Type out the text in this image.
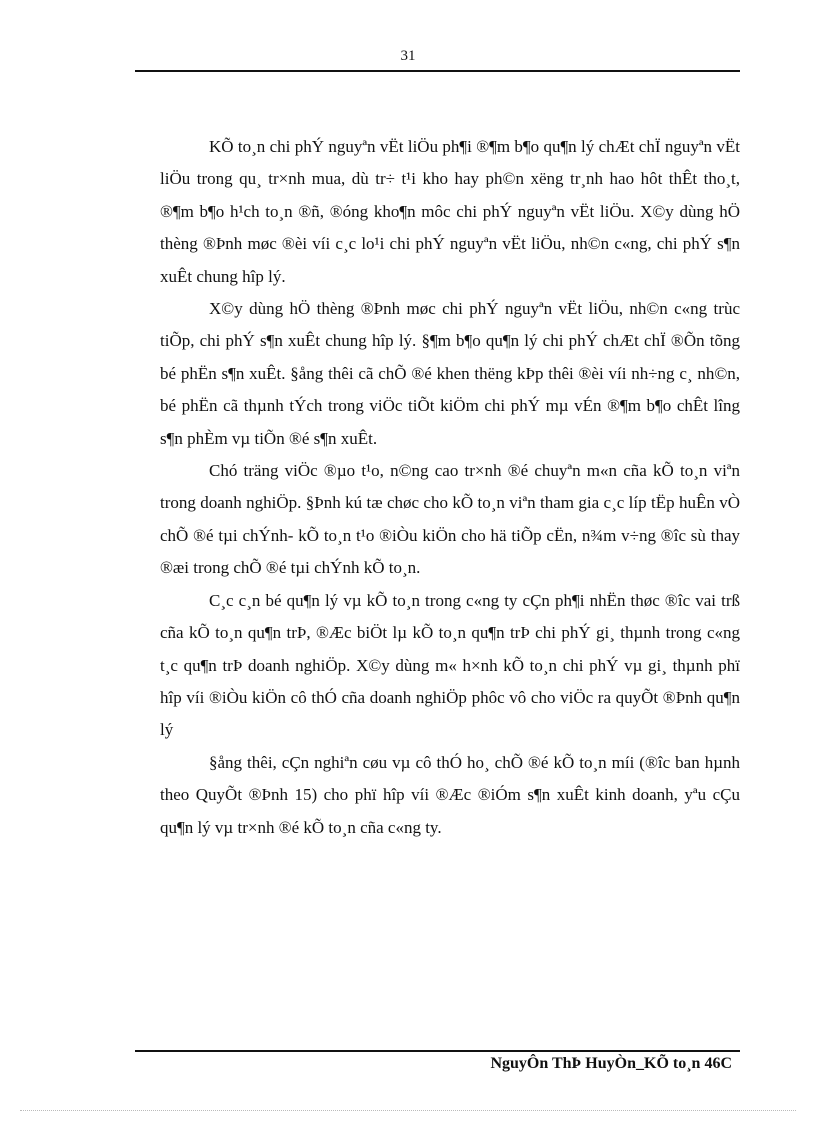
31

KÕ to¸n chi phÝ nguyªn vËt liÖu ph¶i ®¶m b¶o qu¶n lý chÆt chÏ nguyªn vËt liÖu trong qu¸ tr×nh mua, dù tr÷ t¹i kho hay ph©n xëng tr¸nh hao hôt thÊt tho¸t, ®¶m b¶o h¹ch to¸n ®ñ, ®óng kho¶n môc chi phÝ nguyªn vËt liÖu. X©y dùng hÖ thèng ®Þnh møc ®èi víi c¸c lo¹i chi phÝ nguyªn vËt liÖu, nh©n c«ng, chi phÝ s¶n xuÊt chung hîp lý.

X©y dùng hÖ thèng ®Þnh møc chi phÝ nguyªn vËt liÖu, nh©n c«ng trùc tiÕp, chi phÝ s¶n xuÊt chung hîp lý. §¶m b¶o qu¶n lý chi phÝ chÆt chÏ ®Õn tõng bé phËn s¶n xuÊt. §ång thêi cã chÕ ®é khen thëng kÞp thêi ®èi víi nh÷ng c¸ nh©n, bé phËn cã thµnh tÝch trong viÖc tiÕt kiÖm chi phÝ mµ vÉn ®¶m b¶o chÊt lîng s¶n phÈm vµ tiÕn ®é s¶n xuÊt.

Chó träng viÖc ®µo t¹o, n©ng cao tr×nh ®é chuyªn m«n cña kÕ to¸n viªn trong doanh nghiÖp. §Þnh kú tæ chøc cho kÕ to¸n viªn tham gia c¸c líp tËp huÊn vÒ chÕ ®é tµi chÝnh- kÕ to¸n t¹o ®iÒu kiÖn cho hä tiÕp cËn, n¾m v÷ng ®îc sù thay ®æi trong chÕ ®é tµi chÝnh kÕ to¸n.

C¸c c¸n bé qu¶n lý vµ kÕ to¸n trong c«ng ty cÇn ph¶i nhËn thøc ®îc vai trß cña kÕ to¸n qu¶n trÞ, ®Æc biÖt lµ kÕ to¸n qu¶n trÞ chi phÝ gi¸ thµnh trong c«ng t¸c qu¶n trÞ doanh nghiÖp. X©y dùng m« h×nh kÕ to¸n chi phÝ vµ gi¸ thµnh phï hîp víi ®iÒu kiÖn cô thÓ cña doanh nghiÖp phôc vô cho viÖc ra quyÕt ®Þnh qu¶n lý

§ång thêi, cÇn nghiªn cøu vµ cô thÓ ho¸ chÕ ®é kÕ to¸n míi (®îc ban hµnh theo QuyÕt ®Þnh 15) cho phï hîp víi ®Æc ®iÓm s¶n xuÊt kinh doanh, yªu cÇu qu¶n lý vµ tr×nh ®é kÕ to¸n cña c«ng ty.

NguyÔn ThÞ HuyÒn_KÕ to¸n 46C
